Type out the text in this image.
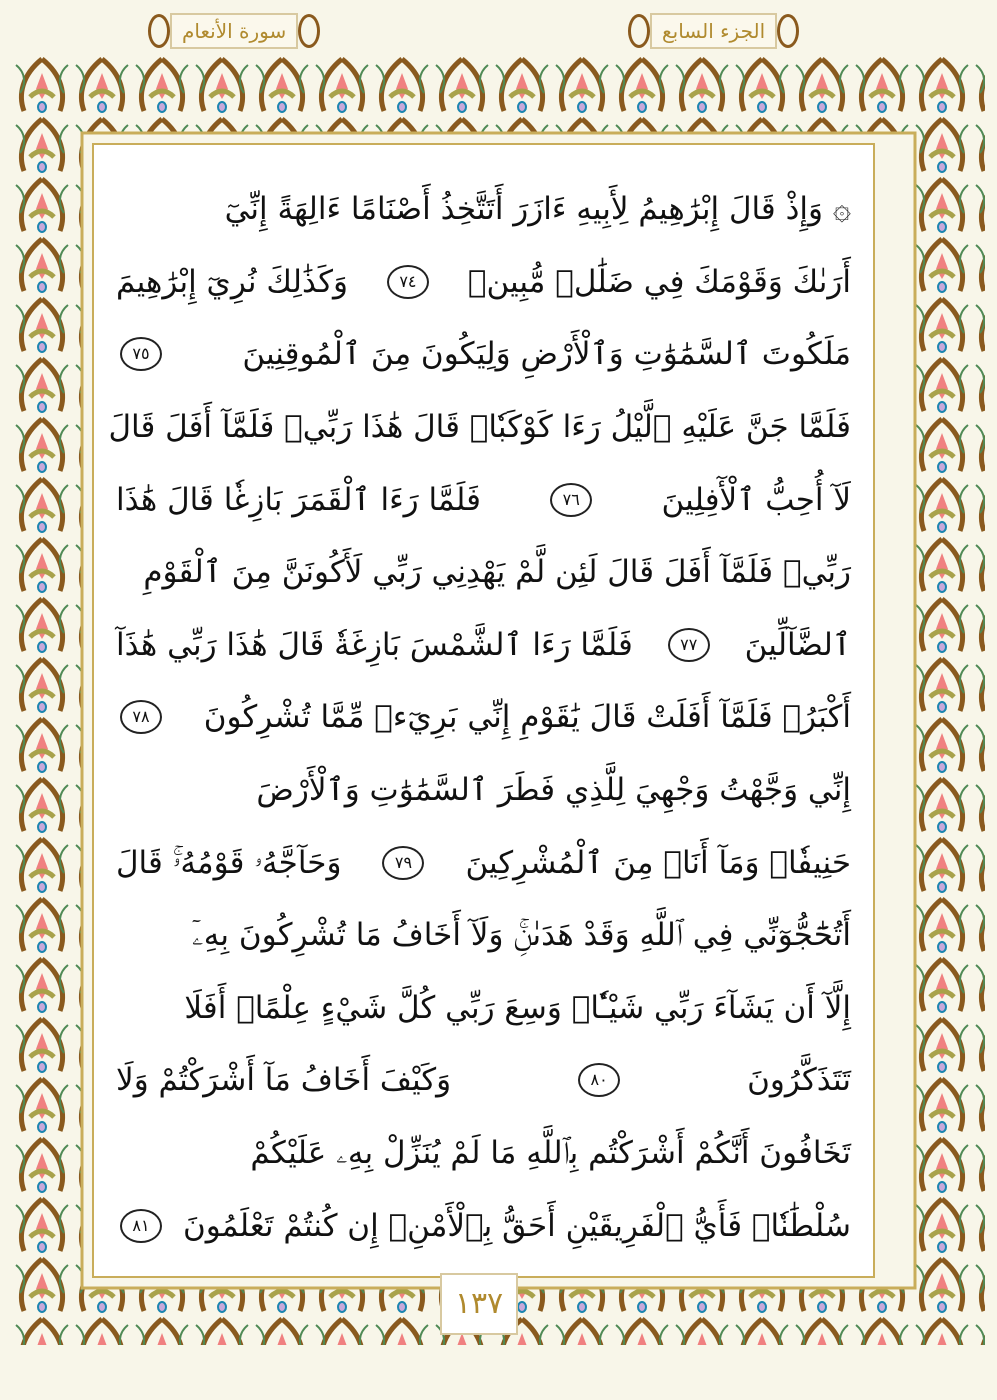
الجزء السابع
سورة الأنعام
۞ وَإِذْ قَالَ إِبْرَٰهِيمُ لِأَبِيهِ ءَازَرَ أَتَتَّخِذُ أَصْنَامًا ءَالِهَةً إِنِّيٓ
أَرَىٰكَ وَقَوْمَكَ فِي ضَلَٰلٖ مُّبِينٖ
٧٤
وَكَذَٰلِكَ نُرِيٓ إِبْرَٰهِيمَ
مَلَكُوتَ ٱلسَّمَٰوَٰتِ وَٱلْأَرْضِ وَلِيَكُونَ مِنَ ٱلْمُوقِنِينَ
٧٥
فَلَمَّا جَنَّ عَلَيْهِ ٱلَّيْلُ رَءَا كَوْكَبٗاۖ قَالَ هَٰذَا رَبِّيۖ فَلَمَّآ أَفَلَ قَالَ
لَآ أُحِبُّ ٱلْأٓفِلِينَ
٧٦
فَلَمَّا رَءَا ٱلْقَمَرَ بَازِغٗا قَالَ هَٰذَا
رَبِّيۖ فَلَمَّآ أَفَلَ قَالَ لَئِن لَّمْ يَهْدِنِي رَبِّي لَأَكُونَنَّ مِنَ ٱلْقَوْمِ
ٱلضَّآلِّينَ
٧٧
فَلَمَّا رَءَا ٱلشَّمْسَ بَازِغَةٗ قَالَ هَٰذَا رَبِّي هَٰذَآ
أَكْبَرُۖ فَلَمَّآ أَفَلَتْ قَالَ يَٰقَوْمِ إِنِّي بَرِيٓءٞ مِّمَّا تُشْرِكُونَ
٧٨
إِنِّي وَجَّهْتُ وَجْهِيَ لِلَّذِي فَطَرَ ٱلسَّمَٰوَٰتِ وَٱلْأَرْضَ
حَنِيفٗاۖ وَمَآ أَنَا۠ مِنَ ٱلْمُشْرِكِينَ
٧٩
وَحَآجَّهُۥ قَوْمُهُۥۚ قَالَ
أَتُحَٰٓجُّوٓنِّي فِي ٱللَّهِ وَقَدْ هَدَىٰنِۚ وَلَآ أَخَافُ مَا تُشْرِكُونَ بِهِۦٓ
إِلَّآ أَن يَشَآءَ رَبِّي شَيْـٔٗاۗ وَسِعَ رَبِّي كُلَّ شَيْءٍ عِلْمًاۚ أَفَلَا
تَتَذَكَّرُونَ
٨٠
وَكَيْفَ أَخَافُ مَآ أَشْرَكْتُمْ وَلَا
تَخَافُونَ أَنَّكُمْ أَشْرَكْتُم بِٱللَّهِ مَا لَمْ يُنَزِّلْ بِهِۦ عَلَيْكُمْ
سُلْطَٰنٗاۚ فَأَيُّ ٱلْفَرِيقَيْنِ أَحَقُّ بِٱلْأَمْنِۖ إِن كُنتُمْ تَعْلَمُونَ
٨١
١٣٧
